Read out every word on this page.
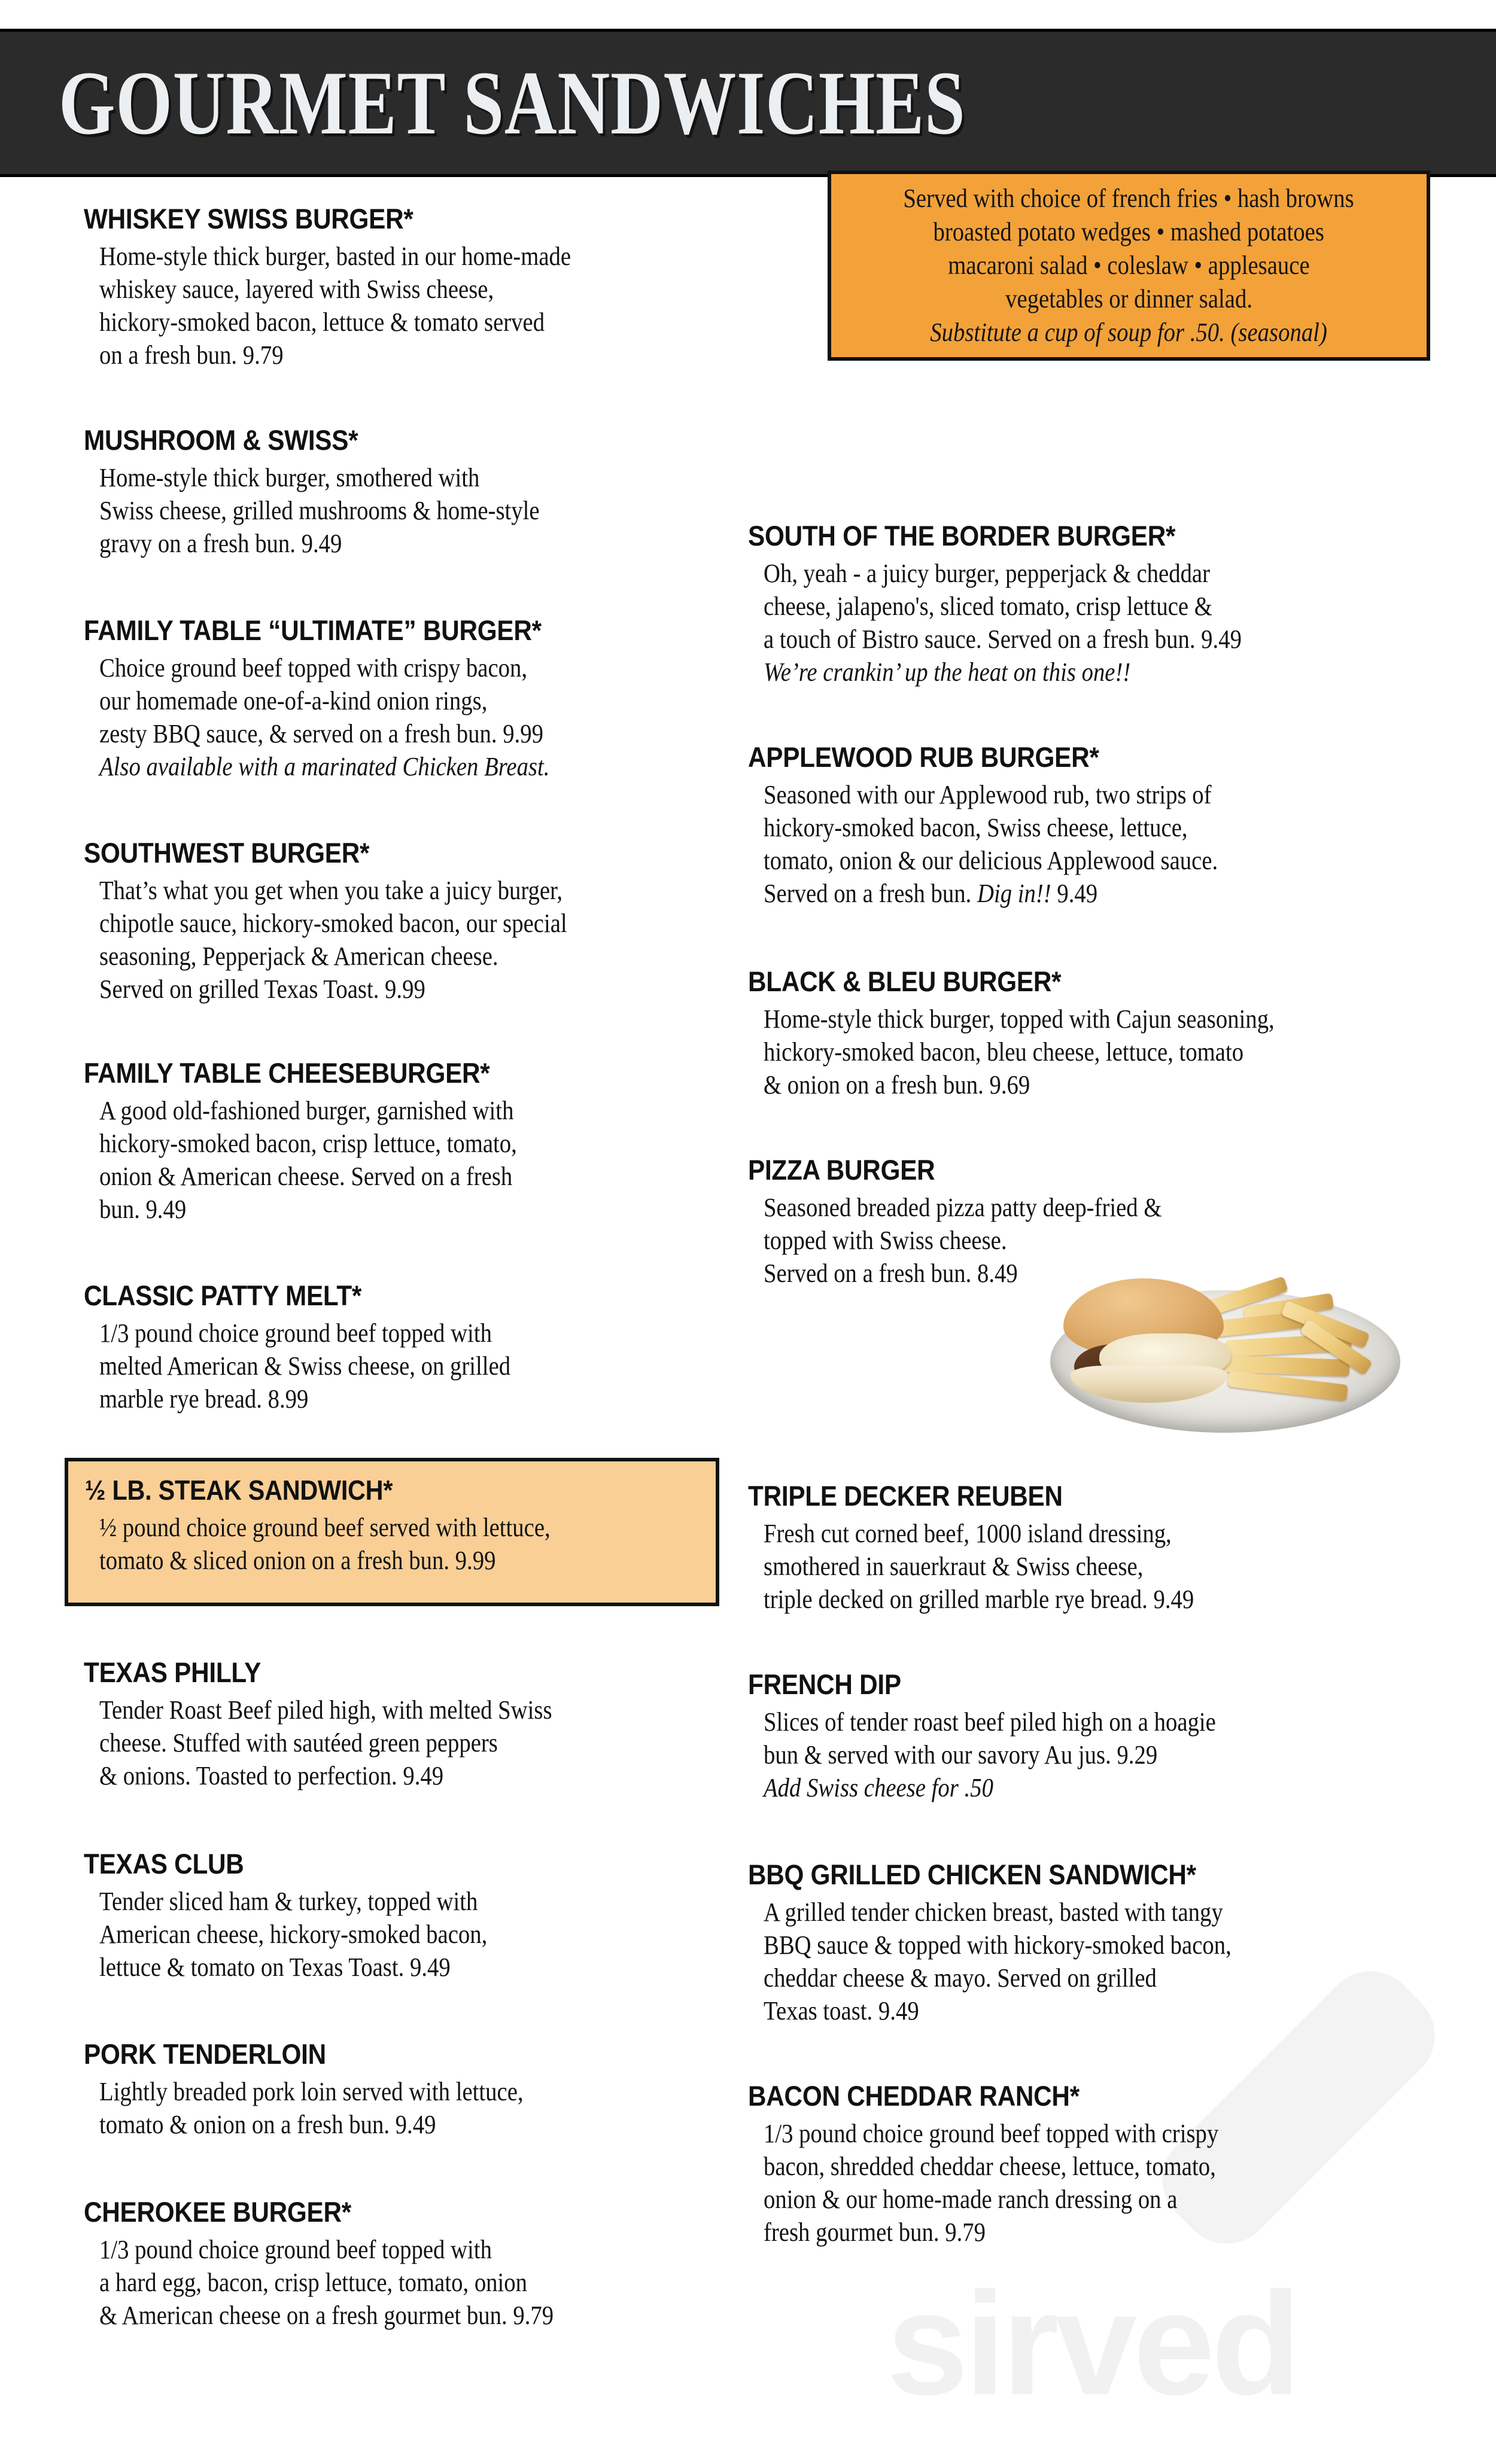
GOURMET SANDWICHES
Served with choice of french fries • hash browns
broasted potato wedges • mashed potatoes
macaroni salad • coleslaw • applesauce
vegetables or dinner salad.
Substitute a cup of soup for .50. (seasonal)
WHISKEY SWISS BURGER*
Home-style thick burger, basted in our home-made
whiskey sauce, layered with Swiss cheese,
hickory-smoked bacon, lettuce & tomato served
on a fresh bun. 9.79
MUSHROOM & SWISS*
Home-style thick burger, smothered with
Swiss cheese, grilled mushrooms & home-style
gravy on a fresh bun. 9.49
FAMILY TABLE “ULTIMATE” BURGER*
Choice ground beef topped with crispy bacon,
our homemade one-of-a-kind onion rings,
zesty BBQ sauce, & served on a fresh bun. 9.99
Also available with a marinated Chicken Breast.
SOUTHWEST BURGER*
That’s what you get when you take a juicy burger,
chipotle sauce, hickory-smoked bacon, our special
seasoning, Pepperjack & American cheese.
Served on grilled Texas Toast. 9.99
FAMILY TABLE CHEESEBURGER*
A good old-fashioned burger, garnished with
hickory-smoked bacon, crisp lettuce, tomato,
onion & American cheese. Served on a fresh
bun. 9.49
CLASSIC PATTY MELT*
1/3 pound choice ground beef topped with
melted American & Swiss cheese, on grilled
marble rye bread. 8.99
TEXAS PHILLY
Tender Roast Beef piled high, with melted Swiss
cheese. Stuffed with sautéed green peppers
& onions. Toasted to perfection. 9.49
TEXAS CLUB
Tender sliced ham & turkey, topped with
American cheese, hickory-smoked bacon,
lettuce & tomato on Texas Toast. 9.49
PORK TENDERLOIN
Lightly breaded pork loin served with lettuce,
tomato & onion on a fresh bun. 9.49
CHEROKEE BURGER*
1/3 pound choice ground beef topped with
a hard egg, bacon, crisp lettuce, tomato, onion
& American cheese on a fresh gourmet bun. 9.79
½ LB. STEAK SANDWICH*
½ pound choice ground beef served with lettuce,
tomato & sliced onion on a fresh bun. 9.99
SOUTH OF THE BORDER BURGER*
Oh, yeah - a juicy burger, pepperjack & cheddar
cheese, jalapeno's, sliced tomato, crisp lettuce &
a touch of Bistro sauce. Served on a fresh bun. 9.49
We’re crankin’ up the heat on this one!!
APPLEWOOD RUB BURGER*
Seasoned with our Applewood rub, two strips of
hickory-smoked bacon, Swiss cheese, lettuce,
tomato, onion & our delicious Applewood sauce.
Served on a fresh bun. Dig in!! 9.49
BLACK & BLEU BURGER*
Home-style thick burger, topped with Cajun seasoning,
hickory-smoked bacon, bleu cheese, lettuce, tomato
& onion on a fresh bun. 9.69
PIZZA BURGER
Seasoned breaded pizza patty deep-fried &
topped with Swiss cheese.
Served on a fresh bun. 8.49
TRIPLE DECKER REUBEN
Fresh cut corned beef, 1000 island dressing,
smothered in sauerkraut & Swiss cheese,
triple decked on grilled marble rye bread. 9.49
FRENCH DIP
Slices of tender roast beef piled high on a hoagie
bun & served with our savory Au jus. 9.29
Add Swiss cheese for .50
BBQ GRILLED CHICKEN SANDWICH*
A grilled tender chicken breast, basted with tangy
BBQ sauce & topped with hickory-smoked bacon,
cheddar cheese & mayo. Served on grilled
Texas toast. 9.49
BACON CHEDDAR RANCH*
1/3 pound choice ground beef topped with crispy
bacon, shredded cheddar cheese, lettuce, tomato,
onion & our home-made ranch dressing on a
fresh gourmet bun. 9.79
sirved
